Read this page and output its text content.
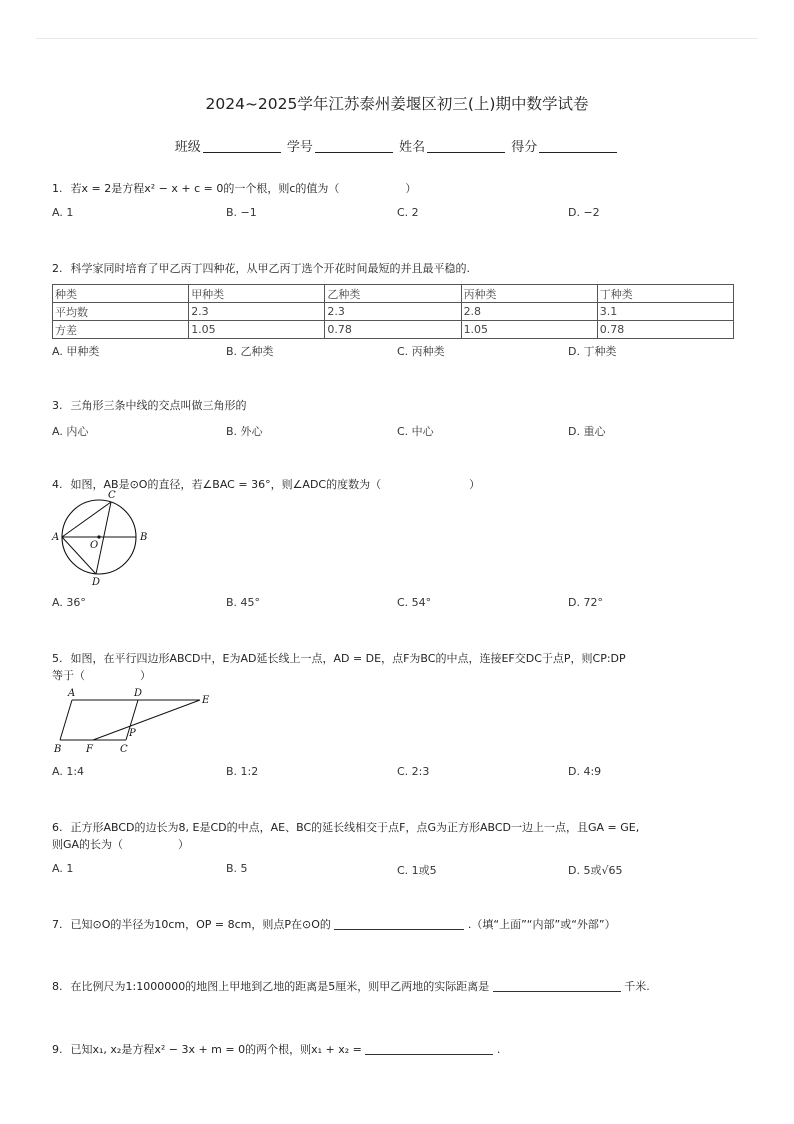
2024~2025学年江苏泰州姜堰区初三(上)期中数学试卷
班级	学号	姓名	得分
1. 若x = 2是方程x² − x + c = 0的一个根，则c的值为（　　　　　　）
A. 1	B. −1	C. 2	D. −2
2. 科学家同时培育了甲乙丙丁四种花，从甲乙丙丁选个开花时间最短的并且最平稳的.
种类	甲种类	乙种类	丙种类	丁种类
平均数	2.3	2.3	2.8	3.1
方差	1.05	0.78	1.05	0.78
A. 甲种类	B. 乙种类	C. 丙种类	D. 丁种类
3. 三角形三条中线的交点叫做三角形的
A. 内心	B. 外心	C. 中心	D. 重心
4. 如图，AB是⊙O的直径，若∠BAC = 36°，则∠ADC的度数为（　　　　　　　　）
A	B
C
D
O
A. 36°	B. 45°	C. 54°	D. 72°
5. 如图，在平行四边形ABCD中，E为AD延长线上一点，AD = DE，点F为BC的中点，连接EF交DC于点P，则CP:DP
等于（　　　　　）
A	D
E
B F	C
P
A. 1:4	B. 1:2	C. 2:3	D. 4:9
6. 正方形ABCD的边长为8, E是CD的中点，AE、BC的延长线相交于点F，点G为正方形ABCD一边上一点，且GA = GE,
则GA的长为（　　　　　）
A. 1	B. 5	C. 1或5	D. 5或√65
7. 已知⊙O的半径为10cm，OP = 8cm，则点P在⊙O的	.（填“上面”“内部”或“外部”）
8. 在比例尺为1:1000000的地图上甲地到乙地的距离是5厘米，则甲乙两地的实际距离是	千米.
9. 已知x₁, x₂是方程x² − 3x + m = 0的两个根，则x₁ + x₂ =	.
